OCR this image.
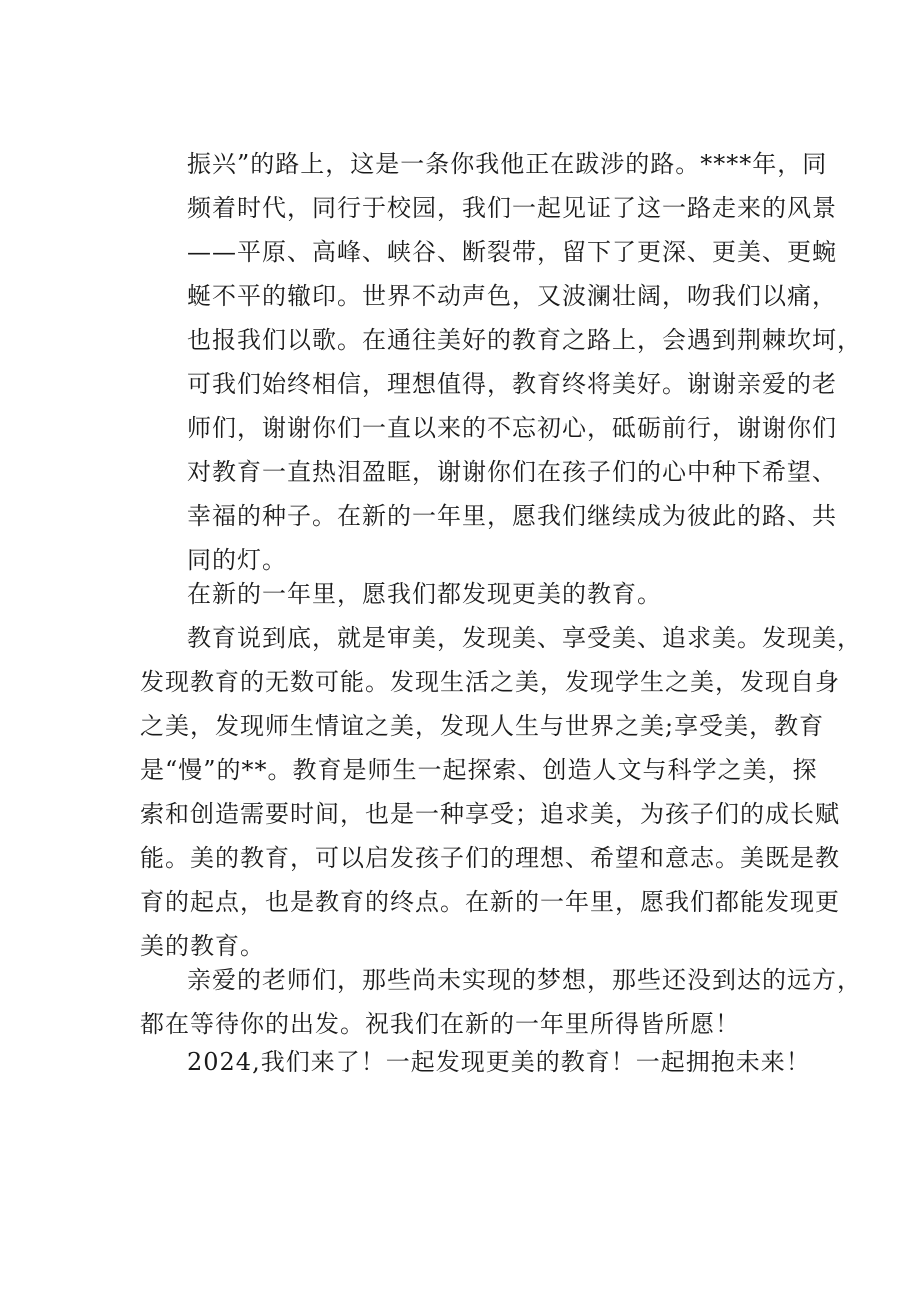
振兴”的路上，这是一条你我他正在跋涉的路。****年，同
频着时代，同行于校园，我们一起见证了这一路走来的风景
——平原、高峰、峡谷、断裂带，留下了更深、更美、更蜿
蜒不平的辙印。世界不动声色，又波澜壮阔，吻我们以痛，
也报我们以歌。在通往美好的教育之路上，会遇到荆棘坎坷，
可我们始终相信，理想值得，教育终将美好。谢谢亲爱的老
师们，谢谢你们一直以来的不忘初心，砥砺前行，谢谢你们
对教育一直热泪盈眶，谢谢你们在孩子们的心中种下希望、
幸福的种子。在新的一年里，愿我们继续成为彼此的路、共
同的灯。
在新的一年里，愿我们都发现更美的教育。
教育说到底，就是审美，发现美、享受美、追求美。发现美，
发现教育的无数可能。发现生活之美，发现学生之美，发现自身
之美，发现师生情谊之美，发现人生与世界之美;享受美，教育
是“慢”的**。教育是师生一起探索、创造人文与科学之美，探
索和创造需要时间，也是一种享受；追求美，为孩子们的成长赋
能。美的教育，可以启发孩子们的理想、希望和意志。美既是教
育的起点，也是教育的终点。在新的一年里，愿我们都能发现更
美的教育。
亲爱的老师们，那些尚未实现的梦想，那些还没到达的远方，
都在等待你的出发。祝我们在新的一年里所得皆所愿！
2024,我们来了！一起发现更美的教育！一起拥抱未来！
